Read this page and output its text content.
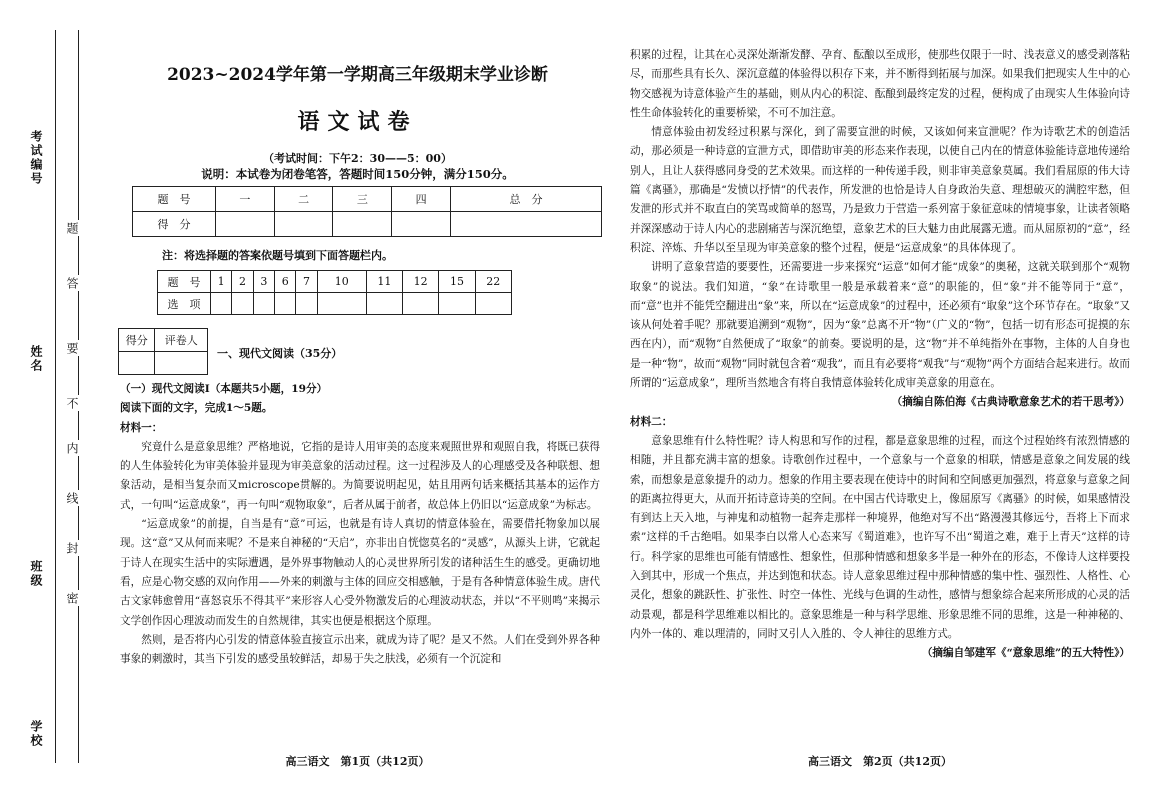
考试编号
姓名
班级
学校
题
答
要
不
内
线
封
密
2023~2024学年第一学期高三年级期末学业诊断
语文试卷
（考试时间：下午2：30——5：00）
说明：本试卷为闭卷笔答，答题时间150分钟，满分150分。
题　号	一	二	三	四	总　分
得　分					
注：将选择题的答案依题号填到下面答题栏内。
题　号	1	2	3	6	7	10	11	12	15	22
选　项										
得分	评卷人

一、现代文阅读（35分）

（一）现代文阅读Ⅰ（本题共5小题，19分）

阅读下面的文字，完成1～5题。

材料一：

究竟什么是意象思维？严格地说，它指的是诗人用审美的态度来观照世界和观照自我，将既已获得的人生体验转化为审美体验并显现为审美意象的活动过程。这一过程涉及人的心理感受及各种联想、想象活动，是相当复杂而又microscope贯解的。为简要说明起见，姑且用两句话来概括其基本的运作方式，一句叫“运意成象”，再一句叫“观物取象”，后者从属于前者，故总体上仍旧以“运意成象”为标志。

“运意成象”的前提，自当是有“意”可运，也就是有诗人真切的情意体验在，需要借托物象加以展现。这“意”又从何而来呢？不是来自神秘的“天启”，亦非出自恍惚莫名的“灵感”，从源头上讲，它就起于诗人在现实生活中的实际遭遇，是外界事物触动人的心灵世界所引发的诸种活生生的感受。更确切地看，应是心物交感的双向作用——外来的刺激与主体的回应交相感触，于是有各种情意体验生成。唐代古文家韩愈曾用“喜怒哀乐不得其平”来形容人心受外物激发后的心理波动状态，并以“不平则鸣”来揭示文学创作因心理波动而发生的自然规律，其实也便是根据这个原理。

然则，是否将内心引发的情意体验直接宣示出来，就成为诗了呢？是又不然。人们在受到外界各种事象的刺激时，其当下引发的感受虽较鲜活，却易于失之肤浅，必须有一个沉淀和

高三语文　第1页（共12页）

积累的过程，让其在心灵深处渐渐发酵、孕育、酝酿以至成形，使那些仅限于一时、浅表意义的感受剥落粘尽，而那些具有长久、深沉意蕴的体验得以积存下来，并不断得到拓展与加深。如果我们把现实人生中的心物交感视为诗意体验产生的基础，则从内心的积淀、酝酿到最终定发的过程，便构成了由现实人生体验向诗性生命体验转化的重要桥梁，不可不加注意。

情意体验由初发经过积累与深化，到了需要宣泄的时候，又该如何来宣泄呢？作为诗歌艺术的创造活动，那必须是一种诗意的宣泄方式，即借助审美的形态来作表现，以使自己内在的情意体验能诗意地传递给别人，且让人获得感同身受的艺术效果。而这样的一种传递手段，则非审美意象莫属。我们看屈原的伟大诗篇《离骚》，那确是“发愤以抒情”的代表作，所发泄的也恰是诗人自身政治失意、理想破灭的满腔牢愁，但发泄的形式并不取直白的笑骂或简单的怒骂，乃是致力于营造一系列富于象征意味的情境事象，让读者领略并深深感动于诗人内心的悲剧痛苦与深沉绝望，意象艺术的巨大魅力由此展露无遗。而从屈原初的“意”，经积淀、淬炼、升华以至呈现为审美意象的整个过程，便是“运意成象”的具体体现了。

讲明了意象营造的要要性，还需要进一步来探究“运意”如何才能“成象”的奥秘，这就关联到那个“观物取象”的说法。我们知道，“象”在诗歌里一般是承载着来“意”的职能的，但“象”并不能等同于“意”，而“意”也并不能凭空翻进出“象”来，所以在“运意成象”的过程中，还必须有“取象”这个环节存在。“取象”又该从何处着手呢？那就要追溯到“观物”，因为“象”总离不开“物”（广义的“物”，包括一切有形态可捉摸的东西在内），而“观物”自然便成了“取象”的前奏。要说明的是，这“物”并不单纯指外在事物，主体的人自身也是一种“物”，故而“观物”同时就包含着“观我”，而且有必要将“观我”与“观物”两个方面结合起来进行。故而所谓的“运意成象”，理所当然地含有将自我情意体验转化成审美意象的用意在。

（摘编自陈伯海《古典诗歌意象艺术的若干思考》）

材料二：

意象思维有什么特性呢？诗人构思和写作的过程，都是意象思维的过程，而这个过程始终有浓烈情感的相随，并且都充满丰富的想象。诗歌创作过程中，一个意象与一个意象的相联，情感是意象之间发展的线索，而想象是意象提升的动力。想象的作用主要表现在使诗中的时间和空间感更加强烈，将意象与意象之间的距离拉得更大，从而开拓诗意诗美的空间。在中国古代诗歌史上，像屈原写《离骚》的时候，如果感情没有到达上天入地，与神鬼和动植物一起奔走那样一种境界，他绝对写不出“路漫漫其修远兮，吾将上下而求索”这样的千古绝唱。如果李白以常人心态来写《蜀道难》，也许写不出“蜀道之难，难于上青天”这样的诗行。科学家的思维也可能有情感性、想象性，但那种情感和想象多半是一种外在的形态，不像诗人这样要投入到其中，形成一个焦点，并达到饱和状态。诗人意象思维过程中那种情感的集中性、强烈性、人格性、心灵化，想象的跳跃性、扩张性、时空一体性、光线与色调的生动性，感情与想象综合起来所形成的心灵的活动景观，都是科学思维难以相比的。意象思维是一种与科学思维、形象思维不同的思维，这是一种神秘的、内外一体的、难以理清的，同时又引人入胜的、令人神往的思维方式。

（摘编自邹建军《“意象思维”的五大特性》）

高三语文　第2页（共12页）
